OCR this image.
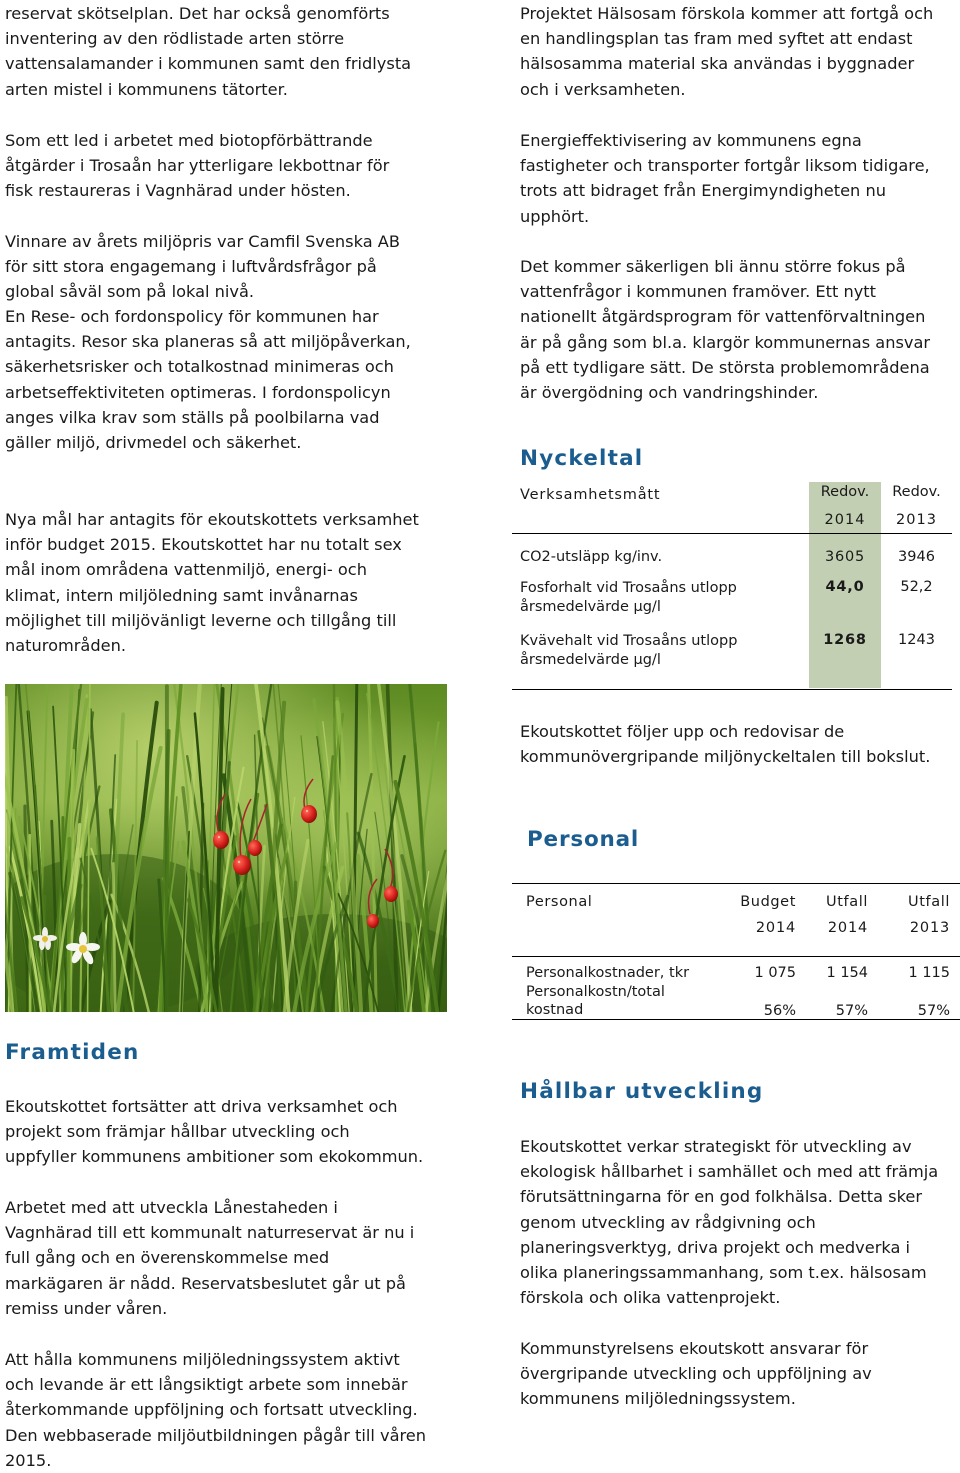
reservat skötselplan. Det har också genomförts
inventering av den rödlistade arten större
vattensalamander i kommunen samt den fridlysta
arten mistel i kommunens tätorter.
Som ett led i arbetet med biotopförbättrande
åtgärder i Trosaån har ytterligare lekbottnar för
fisk restaureras i Vagnhärad under hösten.
Vinnare av årets miljöpris var Camfil Svenska AB
för sitt stora engagemang i luftvårdsfrågor på
global såväl som på lokal nivå.
En Rese- och fordonspolicy för kommunen har
antagits. Resor ska planeras så att miljöpåverkan,
säkerhetsrisker och totalkostnad minimeras och
arbetseffektiviteten optimeras. I fordonspolicyn
anges vilka krav som ställs på poolbilarna vad
gäller miljö, drivmedel och säkerhet.
Nya mål har antagits för ekoutskottets verksamhet
inför budget 2015. Ekoutskottet har nu totalt sex
mål inom områdena vattenmiljö, energi- och
klimat, intern miljöledning samt invånarnas
möjlighet till miljövänligt leverne och tillgång till
naturområden.
Framtiden
Ekoutskottet fortsätter att driva verksamhet och
projekt som främjar hållbar utveckling och
uppfyller kommunens ambitioner som ekokommun.
Arbetet med att utveckla Lånestaheden i
Vagnhärad till ett kommunalt naturreservat är nu i
full gång och en överenskommelse med
markägaren är nådd. Reservatsbeslutet går ut på
remiss under våren.
Att hålla kommunens miljöledningssystem aktivt
och levande är ett långsiktigt arbete som innebär
återkommande uppföljning och fortsatt utveckling.
Den webbaserade miljöutbildningen pågår till våren
2015.
Projektet Hälsosam förskola kommer att fortgå och
en handlingsplan tas fram med syftet att endast
hälsosamma material ska användas i byggnader
och i verksamheten.
Energieffektivisering av kommunens egna
fastigheter och transporter fortgår liksom tidigare,
trots att bidraget från Energimyndigheten nu
upphört.
Det kommer säkerligen bli ännu större fokus på
vattenfrågor i kommunen framöver. Ett nytt
nationellt åtgärdsprogram för vattenförvaltningen
är på gång som bl.a. klargör kommunernas ansvar
på ett tydligare sätt. De största problemområdena
är övergödning och vandringshinder.
Nyckeltal
Verksamhetsmått	Redov.	Redov.
	2014	2013
CO2-utsläpp kg/inv.	3605	3946

Fosforhalt vid Trosaåns utlopp
årsmedelvärde µg/l	44,0	52,2

Kvävehalt vid Trosaåns utlopp
årsmedelvärde µg/l	1268	1243
Ekoutskottet följer upp och redovisar de
kommunövergripande miljönyckeltalen till bokslut.
Personal
Personal	Budget	Utfall	Utfall
	2014	2014	2013
Personalkostnader, tkr	1 075	1 154	1 115

Personalkostn/total
kostnad	56%	57%	57%
Hållbar utveckling
Ekoutskottet verkar strategiskt för utveckling av
ekologisk hållbarhet i samhället och med att främja
förutsättningarna för en god folkhälsa. Detta sker
genom utveckling av rådgivning och
planeringsverktyg, driva projekt och medverka i
olika planeringssammanhang, som t.ex. hälsosam
förskola och olika vattenprojekt.
Kommunstyrelsens ekoutskott ansvarar för
övergripande utveckling och uppföljning av
kommunens miljöledningssystem.
